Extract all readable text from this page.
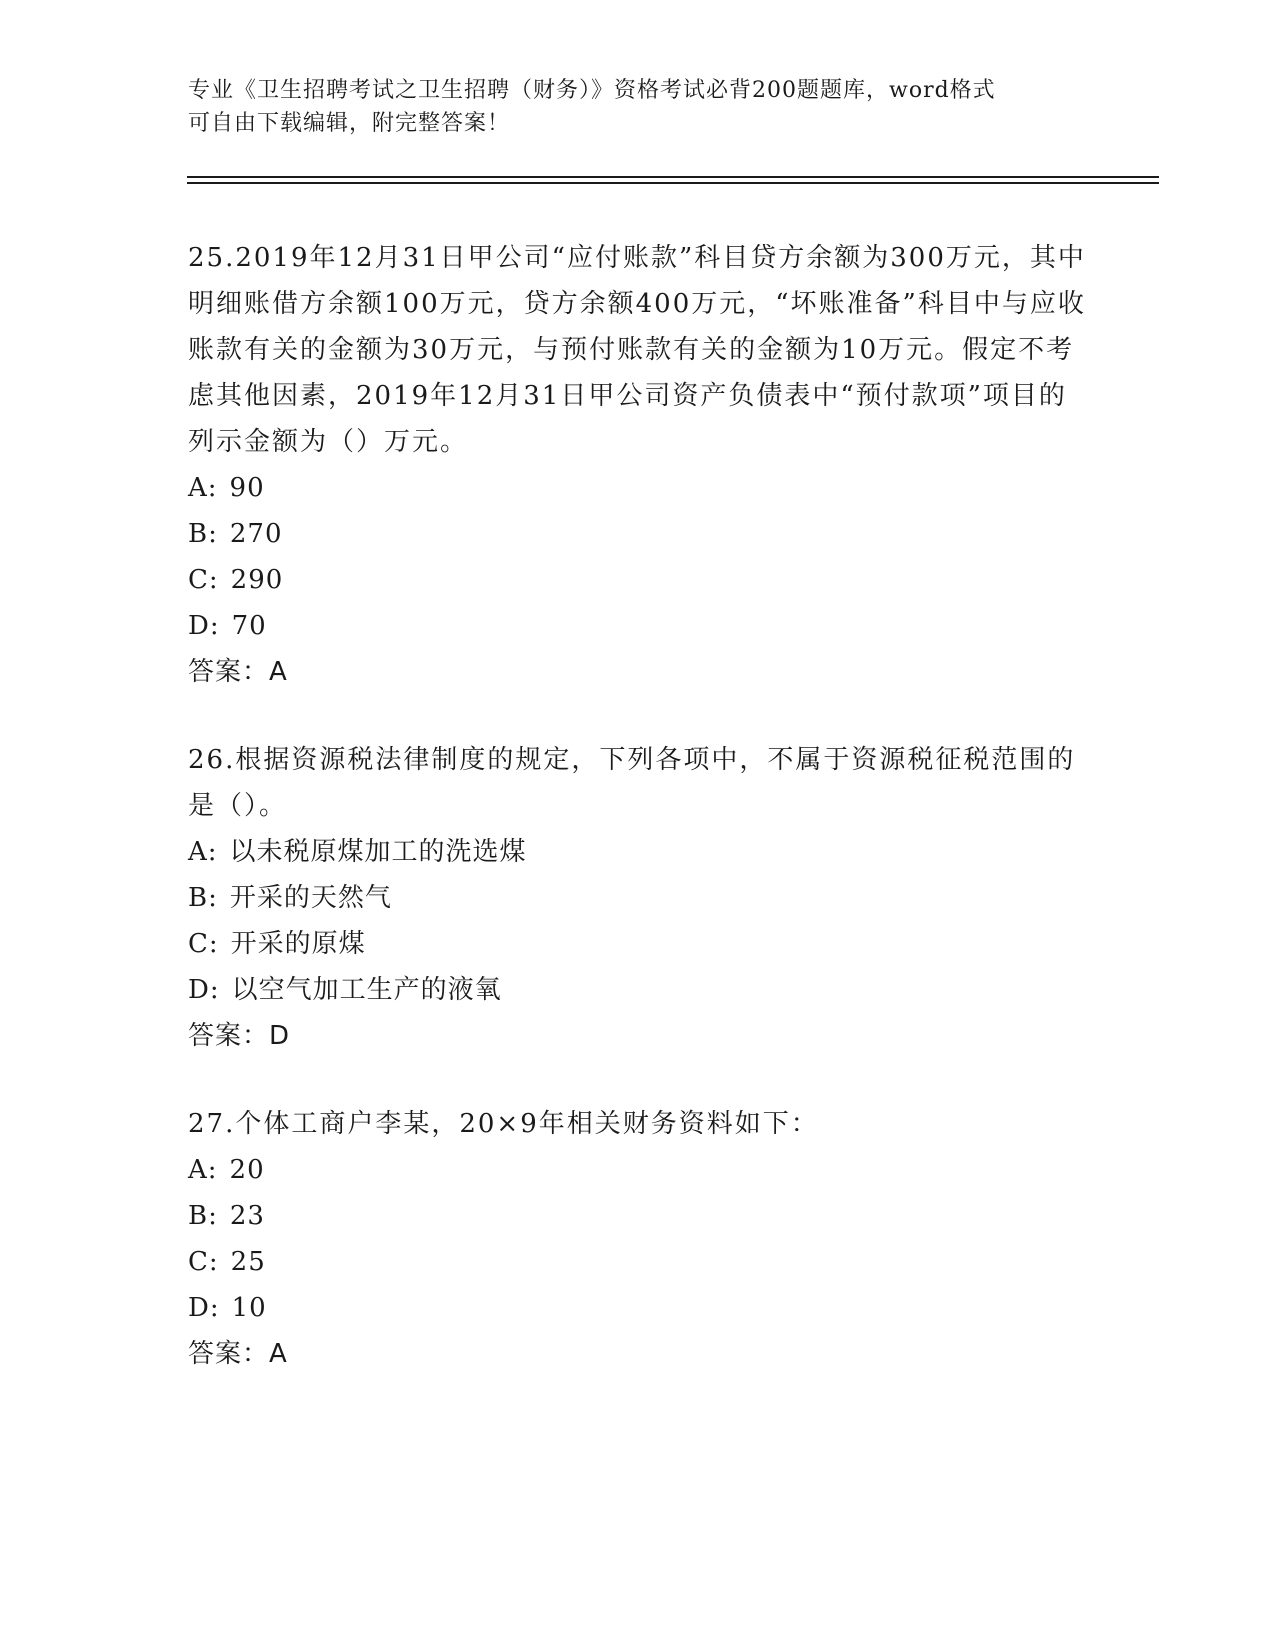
专业《卫生招聘考试之卫生招聘（财务）》资格考试必背200题题库，word格式
可自由下载编辑，附完整答案！

25.2019年12月31日甲公司“应付账款”科目贷方余额为300万元，其中明细账借方余额100万元，贷方余额400万元，“坏账准备”科目中与应收账款有关的金额为30万元，与预付账款有关的金额为10万元。假定不考虑其他因素，2019年12月31日甲公司资产负债表中“预付款项”项目的列示金额为（）万元。

A: 90

B: 270

C: 290

D: 70

答案：A

26.根据资源税法律制度的规定，下列各项中，不属于资源税征税范围的是（）。

A: 以未税原煤加工的洗选煤

B: 开采的天然气

C: 开采的原煤

D: 以空气加工生产的液氧

答案：D

27.个体工商户李某，20×9年相关财务资料如下：

A: 20

B: 23

C: 25

D: 10

答案：A
